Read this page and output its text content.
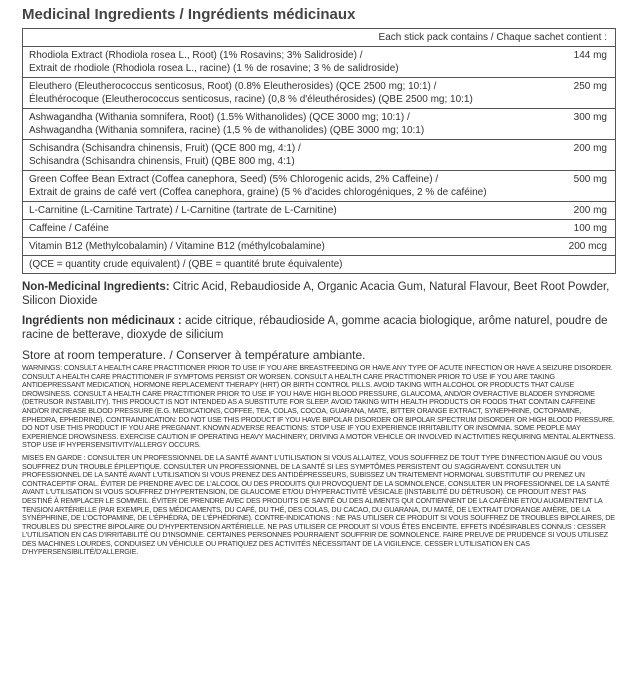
Medicinal Ingredients / Ingrédients médicinaux
Each stick pack contains / Chaque sachet contient :
Rhodiola Extract (Rhodiola rosea L., Root) (1% Rosavins; 3% Salidroside) /
Extrait de rhodiole (Rhodiola rosea L., racine) (1 % de rosavine; 3 % de salidroside)
144 mg
Eleuthero (Eleutherococcus senticosus, Root) (0.8% Eleutherosides) (QCE 2500 mg; 10:1) /
Éleuthérocoque (Eleutherococcus senticosus, racine) (0,8 % d'éleuthérosides) (QBE 2500 mg; 10:1)
250 mg
Ashwagandha (Withania somnifera, Root) (1.5% Withanolides) (QCE 3000 mg; 10:1) /
Ashwagandha (Withania somnifera, racine) (1,5 % de withanolides) (QBE 3000 mg; 10:1)
300 mg
Schisandra (Schisandra chinensis, Fruit) (QCE 800 mg, 4:1) /
Schisandra (Schisandra chinensis, Fruit) (QBE 800 mg, 4:1)
200 mg
Green Coffee Bean Extract (Coffea canephora, Seed) (5% Chlorogenic acids, 2% Caffeine) /
Extrait de grains de café vert (Coffea canephora, graine) (5 % d'acides chlorogéniques, 2 % de caféine)
500 mg
L-Carnitine (L-Carnitine Tartrate) / L-Carnitine (tartrate de L-Carnitine)	200 mg
Caffeine / Caféine	100 mg
Vitamin B12 (Methylcobalamin) / Vitamine B12 (méthylcobalamine)	200 mcg
(QCE = quantity crude equivalent) / (QBE = quantité brute équivalente)
Non-Medicinal Ingredients: Citric Acid, Rebaudioside A, Organic Acacia Gum, Natural Flavour, Beet Root Powder, Silicon Dioxide
Ingrédients non médicinaux : acide citrique, rébaudioside A, gomme acacia biologique, arôme naturel, poudre de racine de betterave, dioxyde de silicium
Store at room temperature. / Conserver à température ambiante.

WARNINGS: CONSULT A HEALTH CARE PRACTITIONER PRIOR TO USE IF YOU ARE BREASTFEEDING OR HAVE ANY TYPE OF ACUTE INFECTION OR HAVE A SEIZURE DISORDER. CONSULT A HEALTH CARE PRACTITIONER IF SYMPTOMS PERSIST OR WORSEN. CONSULT A HEALTH CARE PRACTITIONER PRIOR TO USE IF YOU ARE TAKING ANTIDEPRESSANT MEDICATION, HORMONE REPLACEMENT THERAPY (HRT) OR BIRTH CONTROL PILLS. AVOID TAKING WITH ALCOHOL OR PRODUCTS THAT CAUSE DROWSINESS. CONSULT A HEALTH CARE PRACTITIONER PRIOR TO USE IF YOU HAVE HIGH BLOOD PRESSURE, GLAUCOMA, AND/OR OVERACTIVE BLADDER SYNDROME (DETRUSOR INSTABILITY). THIS PRODUCT IS NOT INTENDED AS A SUBSTITUTE FOR SLEEP. AVOID TAKING WITH HEALTH PRODUCTS OR FOODS THAT CONTAIN CAFFEINE AND/OR INCREASE BLOOD PRESSURE (E.G. MEDICATIONS, COFFEE, TEA, COLAS, COCOA, GUARANA, MATE, BITTER ORANGE EXTRACT, SYNEPHRINE, OCTOPAMINE, EPHEDRA, EPHEDRINE). CONTRAINDICATION: DO NOT USE THIS PRODUCT IF YOU HAVE BIPOLAR DISORDER OR BIPOLAR SPECTRUM DISORDER OR HIGH BLOOD PRESSURE. DO NOT USE THIS PRODUCT IF YOU ARE PREGNANT. KNOWN ADVERSE REACTIONS: STOP USE IF YOU EXPERIENCE IRRITABILITY OR INSOMNIA. SOME PEOPLE MAY EXPERIENCE DROWSINESS. EXERCISE CAUTION IF OPERATING HEAVY MACHINERY, DRIVING A MOTOR VEHICLE OR INVOLVED IN ACTIVITIES REQUIRING MENTAL ALERTNESS. STOP USE IF HYPERSENSITIVITY/ALLERGY OCCURS.

MISES EN GARDE : CONSULTER UN PROFESSIONNEL DE LA SANTÉ AVANT L'UTILISATION SI VOUS ALLAITEZ, VOUS SOUFFREZ DE TOUT TYPE D'INFECTION AIGUË OU VOUS SOUFFREZ D'UN TROUBLE ÉPILEPTIQUE. CONSULTER UN PROFESSIONNEL DE LA SANTÉ SI LES SYMPTÔMES PERSISTENT OU S'AGGRAVENT. CONSULTER UN PROFESSIONNEL DE LA SANTÉ AVANT L'UTILISATION SI VOUS PRENEZ DES ANTIDÉPRESSEURS, SUBISSEZ UN TRAITEMENT HORMONAL SUBSTITUTIF OU PRENEZ UN CONTRACEPTIF ORAL. ÉVITER DE PRENDRE AVEC DE L'ALCOOL OU DES PRODUITS QUI PROVOQUENT DE LA SOMNOLENCE. CONSULTER UN PROFESSIONNEL DE LA SANTÉ AVANT L'UTILISATION SI VOUS SOUFFREZ D'HYPERTENSION, DE GLAUCOME ET/OU D'HYPERACTIVITÉ VÉSICALE (INSTABILITÉ DU DÉTRUSOR). CE PRODUIT N'EST PAS DESTINÉ À REMPLACER LE SOMMEIL. ÉVITER DE PRENDRE AVEC DES PRODUITS DE SANTÉ OU DES ALIMENTS QUI CONTIENNENT DE LA CAFÉINE ET/OU AUGMENTENT LA TENSION ARTÉRIELLE (PAR EXEMPLE, DES MÉDICAMENTS, DU CAFÉ, DU THÉ, DES COLAS, DU CACAO, DU GUARANA, DU MATÉ, DE L'EXTRAIT D'ORANGE AMÈRE, DE LA SYNÉPHRINE, DE L'OCTOPAMINE, DE L'ÉPHÉDRA, DE L'ÉPHÉDRINE). CONTRE-INDICATIONS : NE PAS UTILISER CE PRODUIT SI VOUS SOUFFREZ DE TROUBLES BIPOLAIRES, DE TROUBLES DU SPECTRE BIPOLAIRE OU D'HYPERTENSION ARTÉRIELLE. NE PAS UTILISER CE PRODUIT SI VOUS ÊTES ENCEINTE. EFFETS INDÉSIRABLES CONNUS : CESSER L'UTILISATION EN CAS D'IRRITABILITÉ OU D'INSOMNIE. CERTAINES PERSONNES POURRAIENT SOUFFRIR DE SOMNOLENCE. FAIRE PREUVE DE PRUDENCE SI VOUS UTILISEZ DES MACHINES LOURDES, CONDUISEZ UN VÉHICULE OU PRATIQUEZ DES ACTIVITÉS NÉCESSITANT DE LA VIGILENCE. CESSER L'UTILISATION EN CAS D'HYPERSENSIBILITÉ/D'ALLERGIE.
